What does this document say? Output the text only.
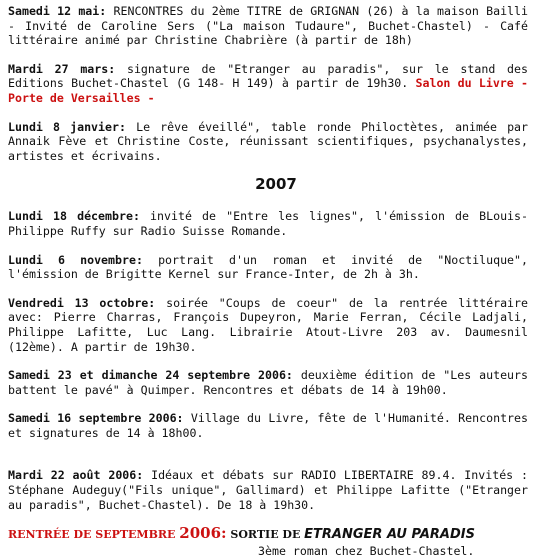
Samedi 12 mai: RENCONTRES du 2ème TITRE de GRIGNAN (26) à la maison Bailli - Invité de Caroline Sers ("La maison Tudaure", Buchet-Chastel) - Café littéraire animé par Christine Chabrière (à partir de 18h)

Mardi 27 mars: signature de "Etranger au paradis", sur le stand des Editions Buchet-Chastel (G 148- H 149) à partir de 19h30. Salon du Livre - Porte de Versailles -

Lundi 8 janvier: Le rêve éveillé", table ronde Philoctètes, animée par Annaik Fève et Christine Coste, réunissant scientifiques, psychanalystes, artistes et écrivains.

2007

Lundi 18 décembre: invité de "Entre les lignes", l'émission de BLouis-Philippe Ruffy sur Radio Suisse Romande.

Lundi 6 novembre: portrait d'un roman et invité de "Noctiluque", l'émission de Brigitte Kernel sur France-Inter, de 2h à 3h.

Vendredi 13 octobre: soirée "Coups de coeur" de la rentrée littéraire avec: Pierre Charras, François Dupeyron, Marie Ferran, Cécile Ladjali, Philippe Lafitte, Luc Lang. Librairie Atout-Livre 203 av. Daumesnil (12ème). A partir de 19h30.

Samedi 23 et dimanche 24 septembre 2006: deuxième édition de "Les auteurs battent le pavé" à Quimper. Rencontres et débats de 14 à 19h00.

Samedi 16 septembre 2006: Village du Livre, fête de l'Humanité. Rencontres et signatures de 14 à 18h00.

Mardi 22 août 2006: Idéaux et débats sur RADIO LIBERTAIRE 89.4. Invités : Stéphane Audeguy("Fils unique", Gallimard) et Philippe Lafitte ("Etranger au paradis", Buchet-Chastel). De 18 à 19h30.

RENTRÉE DE SEPTEMBRE 2006: SORTIE DE ETRANGER AU PARADIS

3ème roman chez Buchet-Chastel.
